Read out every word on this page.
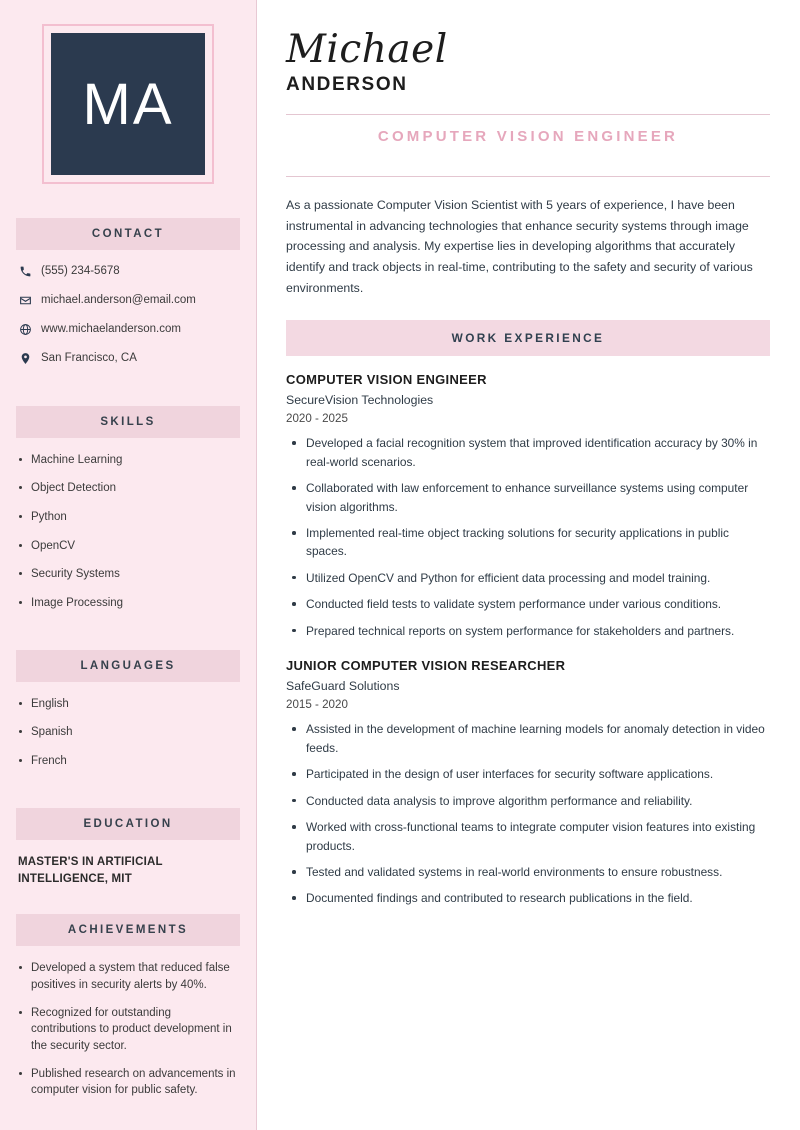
MA
CONTACT
(555) 234-5678
michael.anderson@email.com
www.michaelanderson.com
San Francisco, CA
SKILLS
Machine Learning
Object Detection
Python
OpenCV
Security Systems
Image Processing
LANGUAGES
English
Spanish
French
EDUCATION
MASTER'S IN ARTIFICIAL INTELLIGENCE, MIT
ACHIEVEMENTS
Developed a system that reduced false positives in security alerts by 40%.
Recognized for outstanding contributions to product development in the security sector.
Published research on advancements in computer vision for public safety.
Michael
ANDERSON
COMPUTER VISION ENGINEER

As a passionate Computer Vision Scientist with 5 years of experience, I have been instrumental in advancing technologies that enhance security systems through image processing and analysis. My expertise lies in developing algorithms that accurately identify and track objects in real-time, contributing to the safety and security of various environments.

WORK EXPERIENCE
COMPUTER VISION ENGINEER
SecureVision Technologies
2020 - 2025
Developed a facial recognition system that improved identification accuracy by 30% in real-world scenarios.
Collaborated with law enforcement to enhance surveillance systems using computer vision algorithms.
Implemented real-time object tracking solutions for security applications in public spaces.
Utilized OpenCV and Python for efficient data processing and model training.
Conducted field tests to validate system performance under various conditions.
Prepared technical reports on system performance for stakeholders and partners.
JUNIOR COMPUTER VISION RESEARCHER
SafeGuard Solutions
2015 - 2020
Assisted in the development of machine learning models for anomaly detection in video feeds.
Participated in the design of user interfaces for security software applications.
Conducted data analysis to improve algorithm performance and reliability.
Worked with cross-functional teams to integrate computer vision features into existing products.
Tested and validated systems in real-world environments to ensure robustness.
Documented findings and contributed to research publications in the field.
